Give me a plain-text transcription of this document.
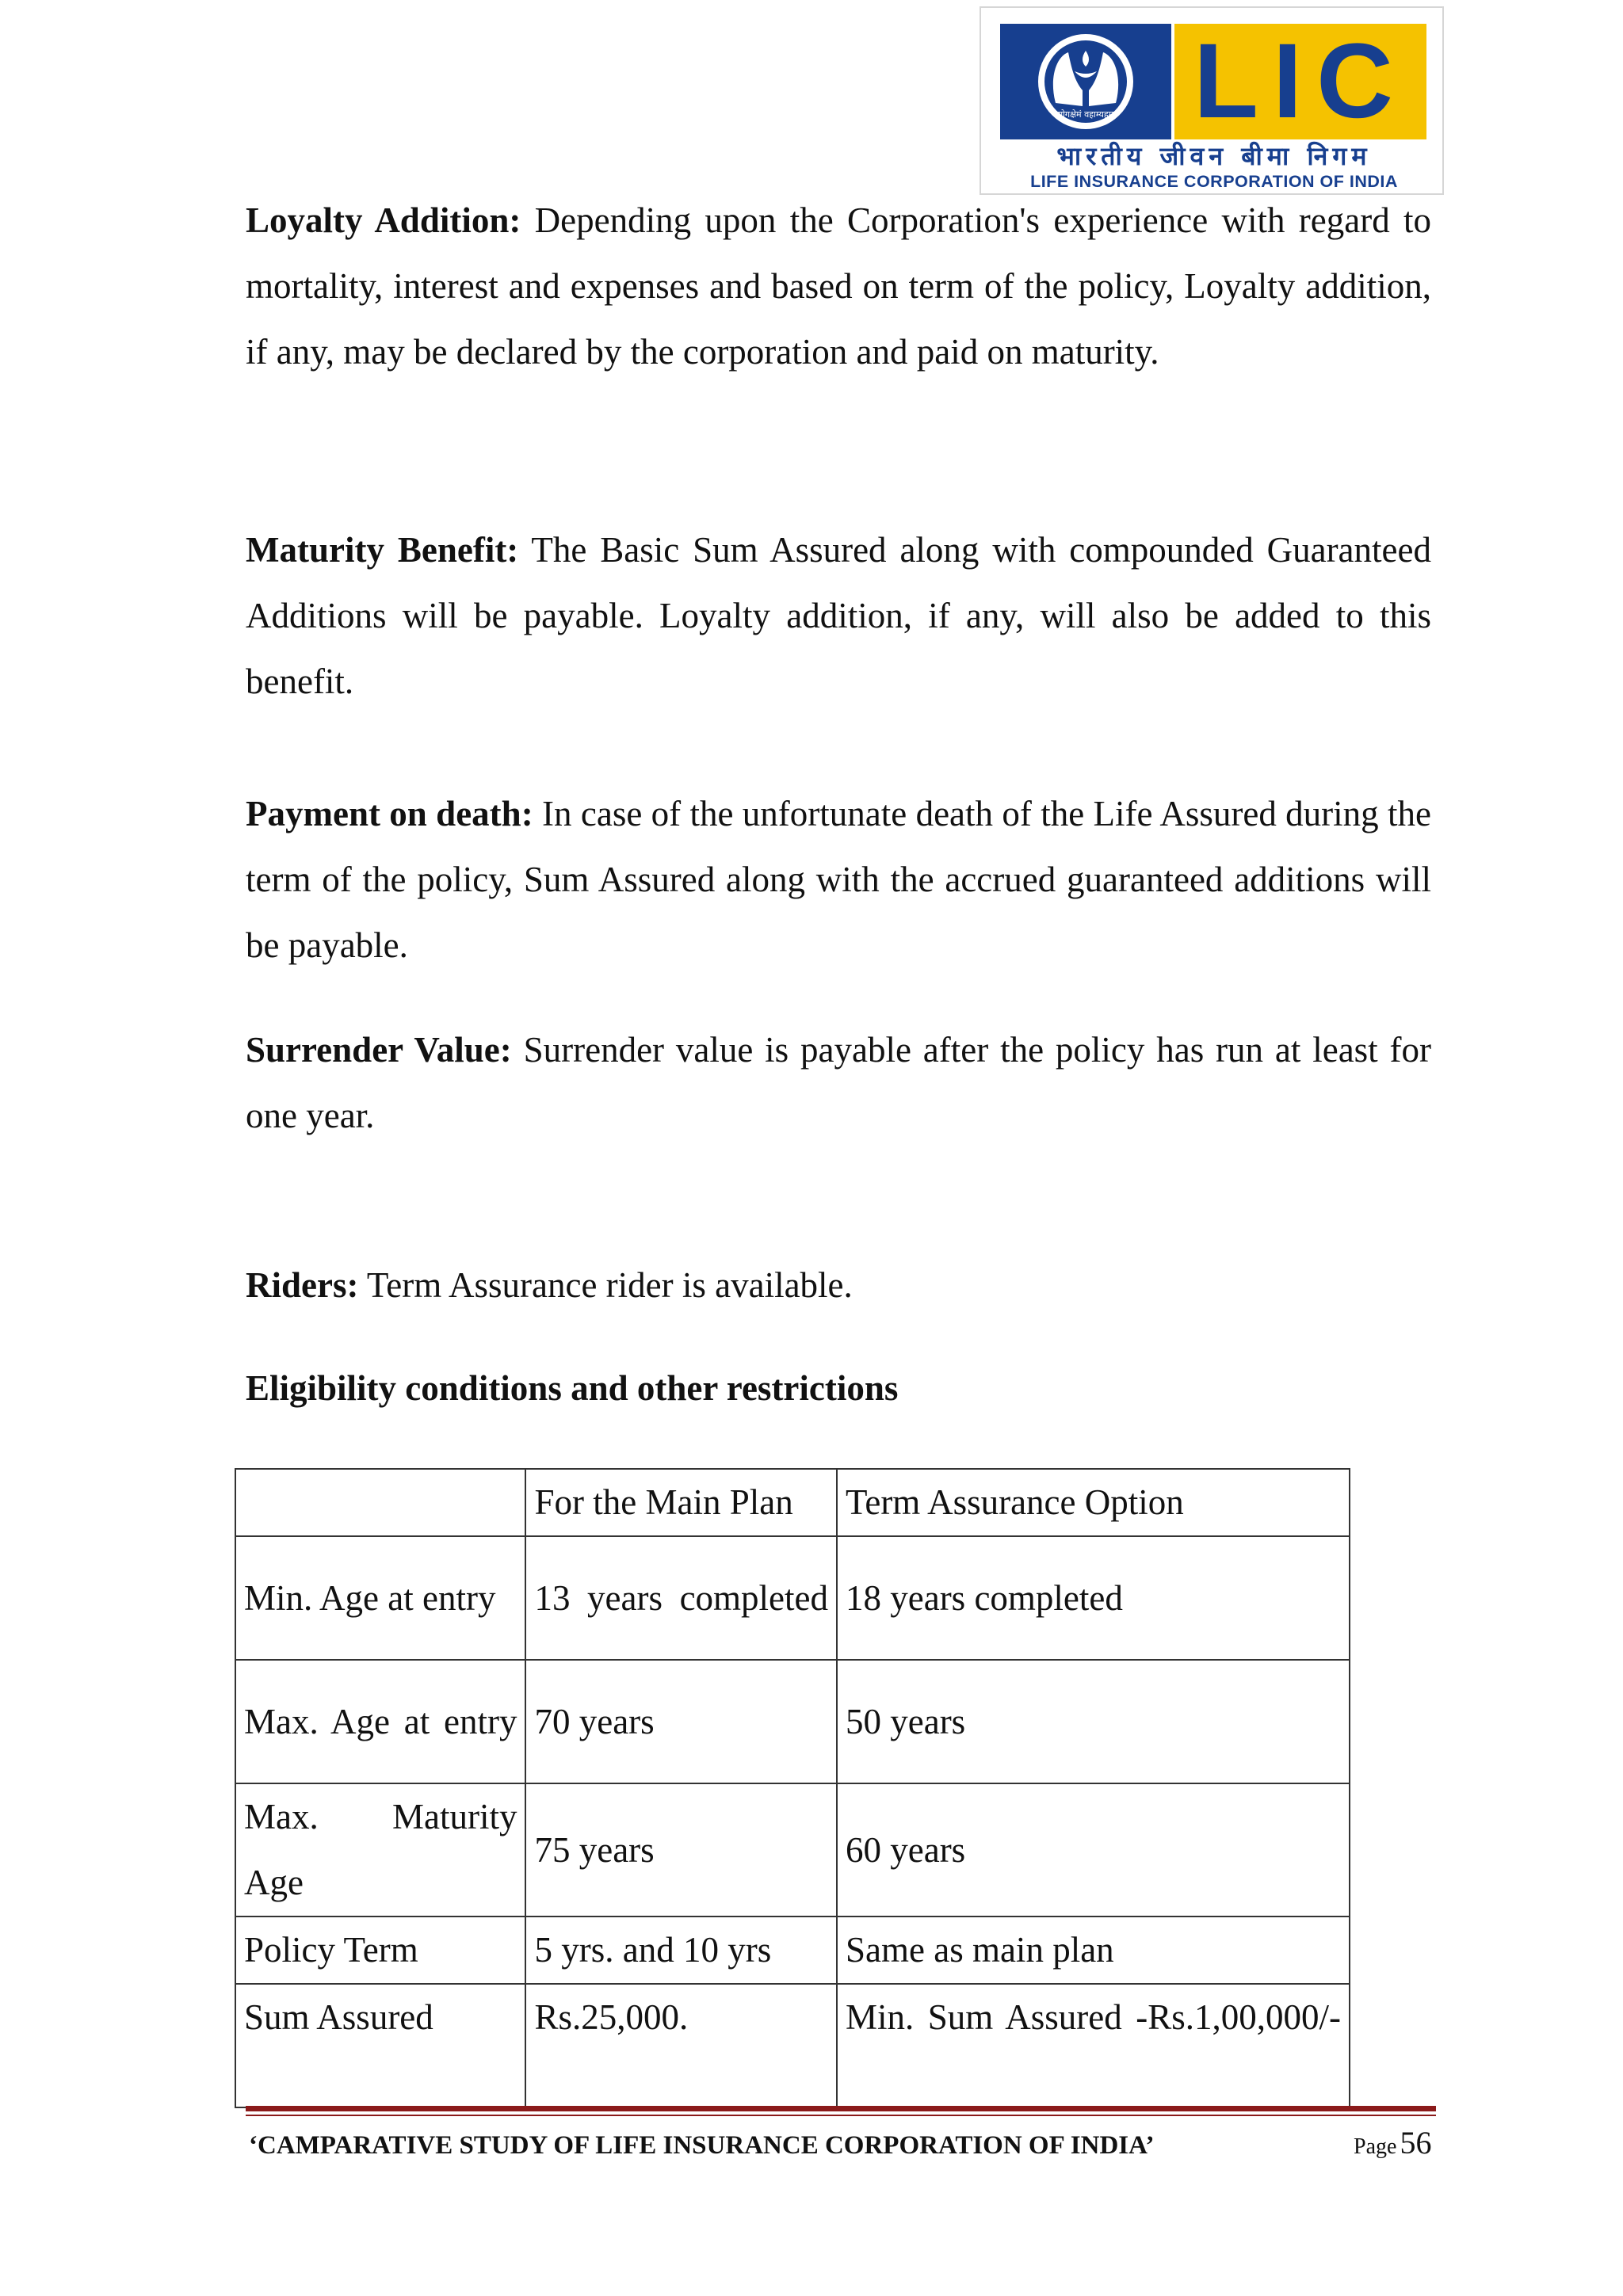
योगक्षेमं वहाम्यहम् LIC
भारतीय जीवन बीमा निगम
LIFE INSURANCE CORPORATION OF INDIA

Loyalty Addition: Depending upon the Corporation's experience with regard to mortality, interest and expenses and based on term of the policy, Loyalty addition, if any, may be declared by the corporation and paid on maturity.

Maturity Benefit: The Basic Sum Assured along with compounded Guaranteed Additions will be payable. Loyalty addition, if any, will also be added to this benefit.

Payment on death: In case of the unfortunate death of the Life Assured during the term of the policy, Sum Assured along with the accrued guaranteed additions will be payable.

Surrender Value: Surrender value is payable after the policy has run at least for one year.

Riders: Term Assurance rider is available.

Eligibility conditions and other restrictions
	For the Main Plan	Term Assurance Option
Min. Age at entry	13 years completed	18 years completed
Max. Age at entry	70 years	50 years
Max. Maturity Age	75 years	60 years
Policy Term	5 yrs. and 10 yrs	Same as main plan
Sum Assured	Rs.25,000.	Min. Sum Assured -Rs.1,00,000/-
‘CAMPARATIVE STUDY OF LIFE INSURANCE CORPORATION OF INDIA’	Page 56
